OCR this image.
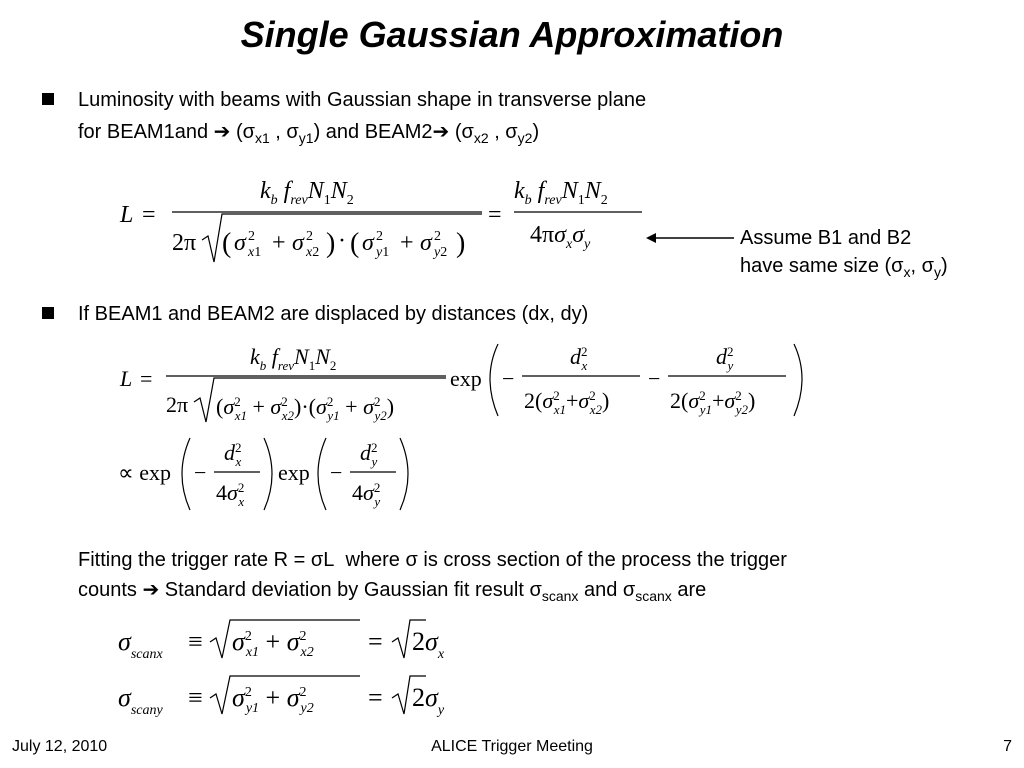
Single Gaussian Approximation
Luminosity with beams with Gaussian shape in transverse plane
for BEAM1and ➔ ($\sigma_{x1}$ , $\sigma_{y1}$) and BEAM2➔ ($\sigma_{x2}$ , $\sigma_{y2}$)
L =
$k_b$ $f_{rev}N_1N_2$
2π ( σ 2
x1 + σ 2
x2 ) · ( σ 2
y1 + σ 2
y2 )
=
$k_b$ $f_{rev}N_1N_2$
$4\pi\sigma_x\sigma_y$	Assume B1 and B2
have same size ($\sigma_x$, $\sigma_y$)
If BEAM1 and BEAM2 are displaced by distances (dx, dy)
L =
$k_b$ $f_{rev}N_1N_2$
2π ($\sigma^2$ $x1 + \sigma^2$ $x2)\cdot(\sigma^2$ $y1 + \sigma^2$ y2)
exp −
$d^2$ x
$2(\sigma^2$ $x1+\sigma^2$ x2)
−
$d^2$ y
$2(\sigma^2$ $y1+\sigma^2$ y2)
∝ exp −
$d^2$ x
$4\sigma^2$ x
exp −
$d^2$ y
$4\sigma^2$ y
Fitting the trigger rate R = σL  where σ is cross section of the process the trigger
counts ➔ Standard deviation by Gaussian fit result $\sigma_{scanx}$ and $\sigma_{scanx}$ are
$\sigma_{scanx} \equiv \sigma^2$ $x1 + \sigma^2$ $x2 = 2\sigma_x$
$\sigma_{scany} \equiv \sigma^2$ $y1 + \sigma^2$ $y2 = 2\sigma_y$
July 12, 2010	ALICE Trigger Meeting	7
